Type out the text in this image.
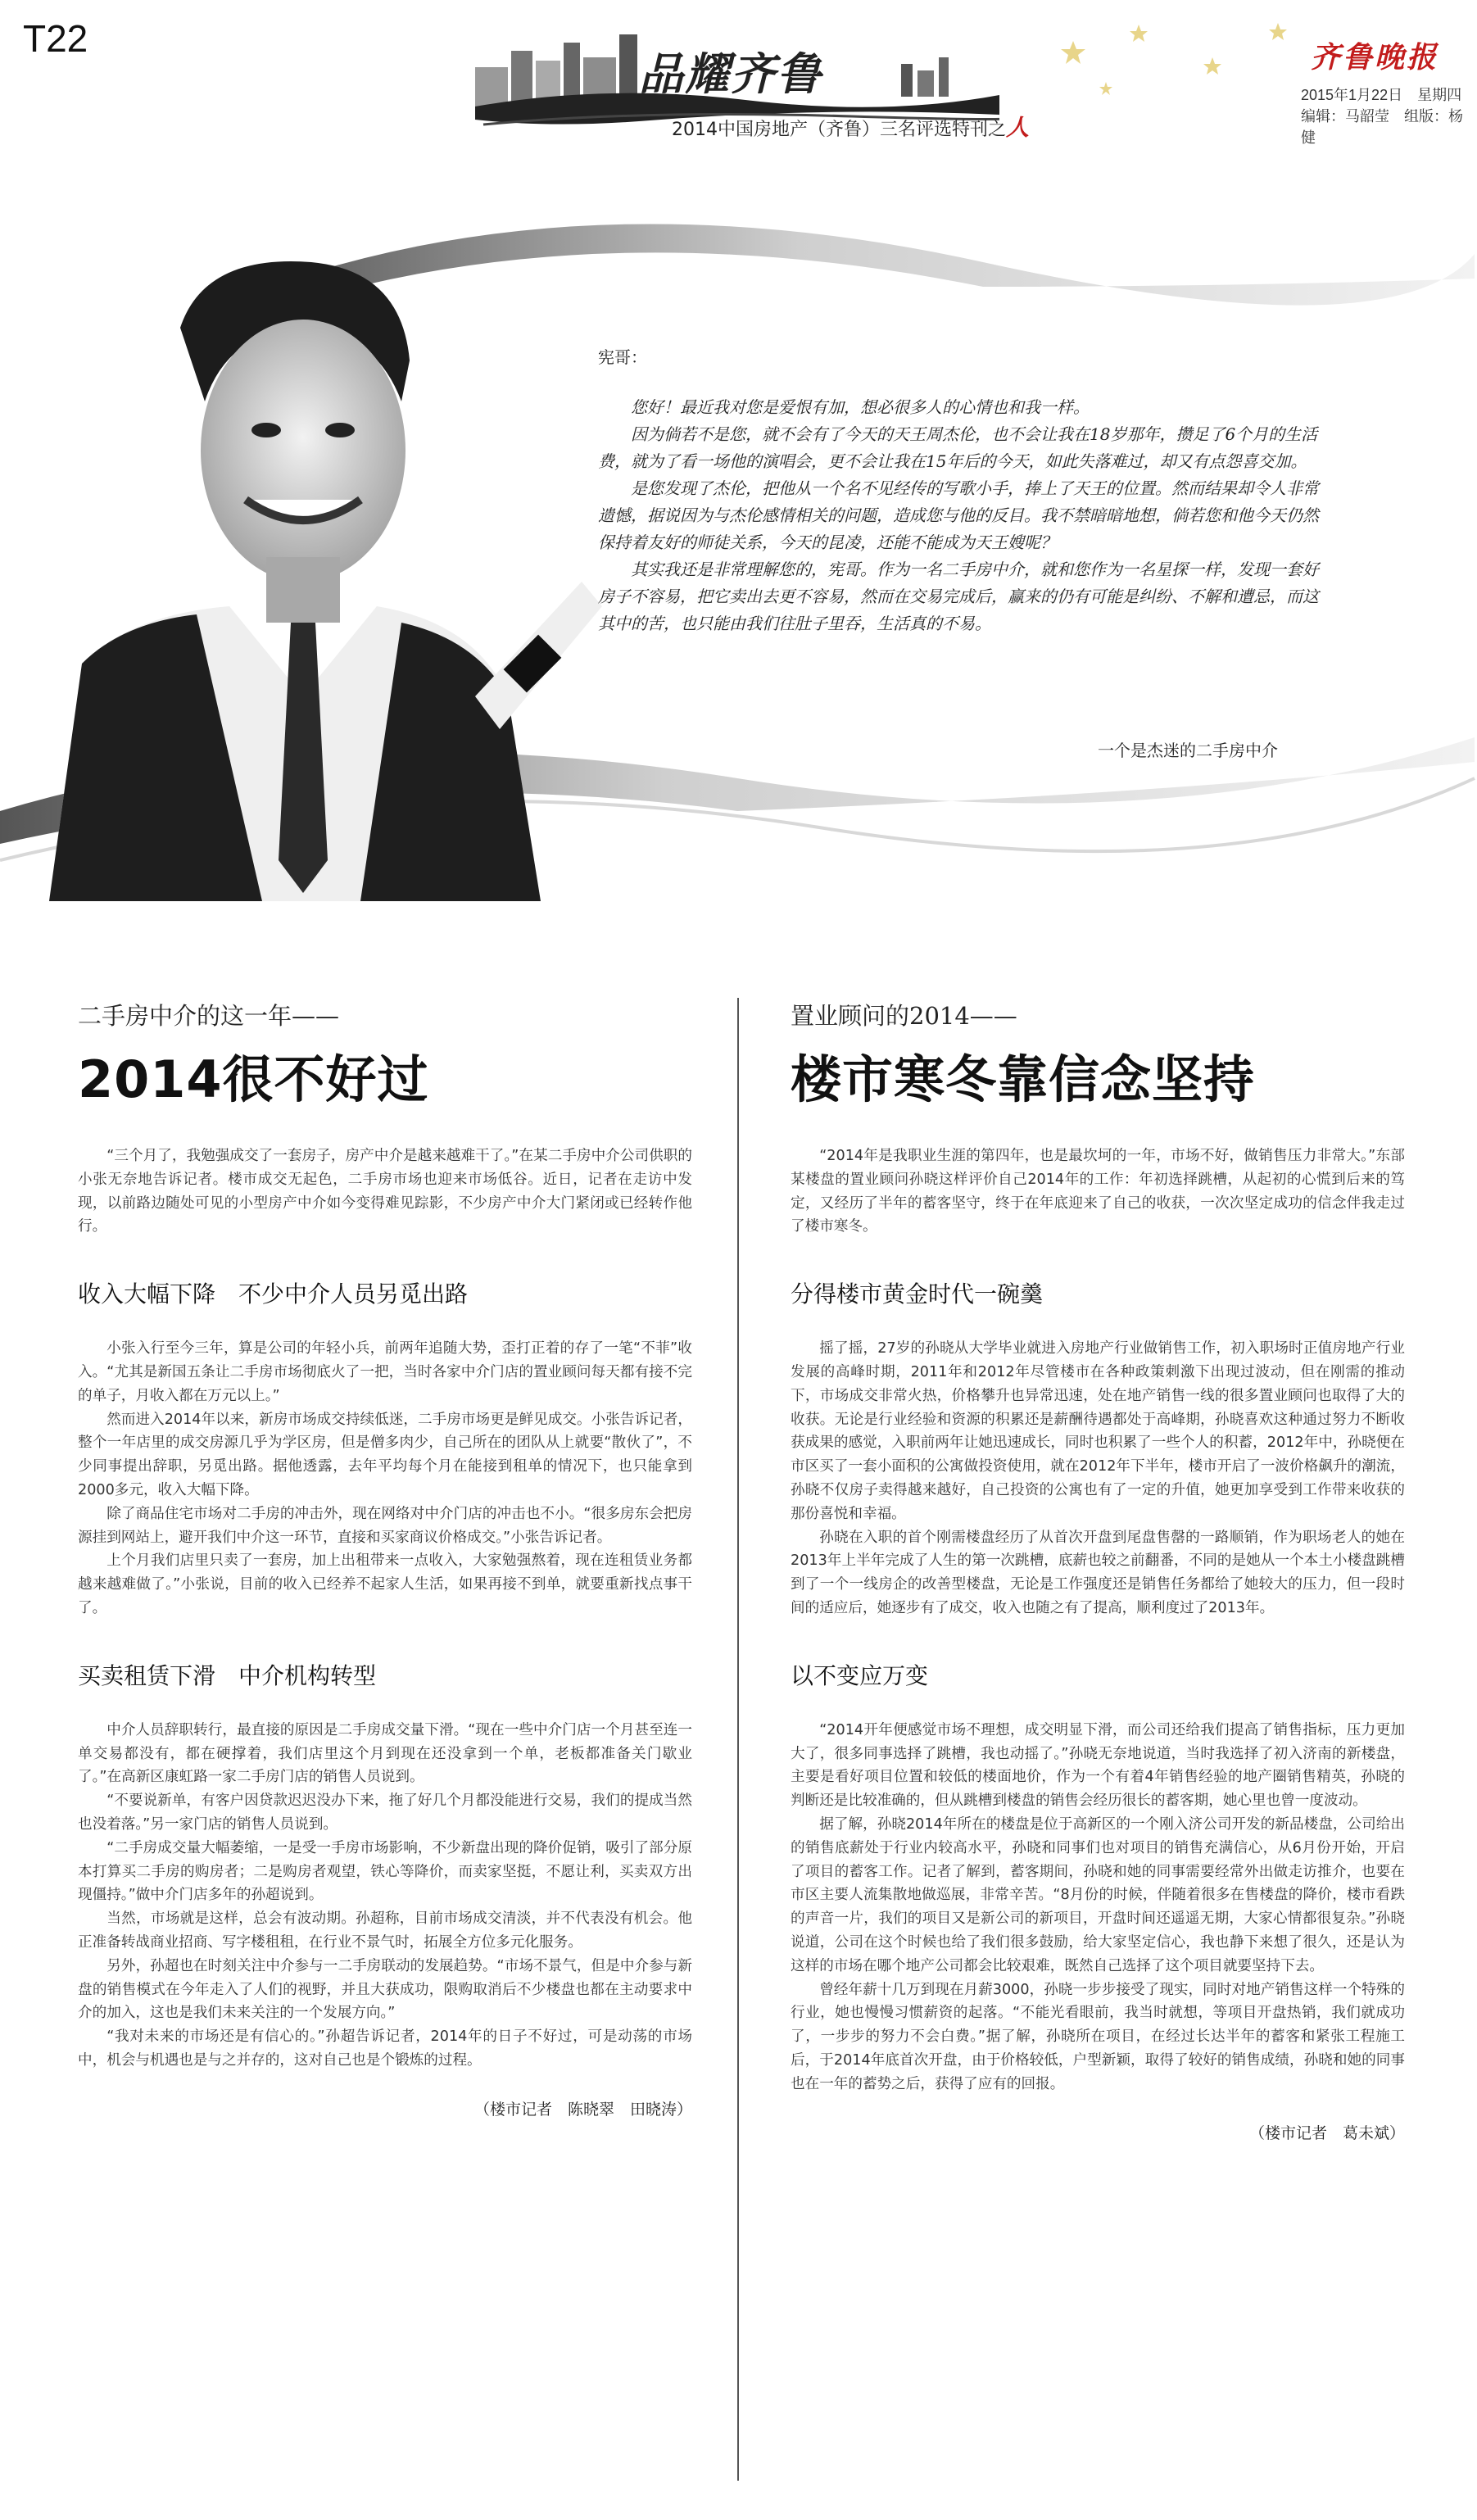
T22
品耀齐鲁
2014中国房地产（齐鲁）三名评选特刊之人
齐鲁晚报
2015年1月22日　星期四
编辑：马韶莹　组版：杨健
宪哥：

您好！最近我对您是爱恨有加，想必很多人的心情也和我一样。

因为倘若不是您，就不会有了今天的天王周杰伦，也不会让我在18岁那年，攒足了6个月的生活费，就为了看一场他的演唱会，更不会让我在15年后的今天，如此失落难过，却又有点怨喜交加。

是您发现了杰伦，把他从一个名不见经传的写歌小手，捧上了天王的位置。然而结果却令人非常遗憾，据说因为与杰伦感情相关的问题，造成您与他的反目。我不禁暗暗地想，倘若您和他今天仍然保持着友好的师徒关系，今天的昆凌，还能不能成为天王嫂呢？

其实我还是非常理解您的，宪哥。作为一名二手房中介，就和您作为一名星探一样，发现一套好房子不容易，把它卖出去更不容易，然而在交易完成后，赢来的仍有可能是纠纷、不解和遭忌，而这其中的苦，也只能由我们往肚子里吞，生活真的不易。

一个是杰迷的二手房中介
二手房中介的这一年——
2014很不好过

“三个月了，我勉强成交了一套房子，房产中介是越来越难干了。”在某二手房中介公司供职的小张无奈地告诉记者。楼市成交无起色，二手房市场也迎来市场低谷。近日，记者在走访中发现，以前路边随处可见的小型房产中介如今变得难见踪影，不少房产中介大门紧闭或已经转作他行。

收入大幅下降　不少中介人员另觅出路

小张入行至今三年，算是公司的年轻小兵，前两年追随大势，歪打正着的存了一笔“不菲”收入。“尤其是新国五条让二手房市场彻底火了一把，当时各家中介门店的置业顾问每天都有接不完的单子，月收入都在万元以上。”

然而进入2014年以来，新房市场成交持续低迷，二手房市场更是鲜见成交。小张告诉记者，整个一年店里的成交房源几乎为学区房，但是僧多肉少，自己所在的团队从上就要“散伙了”，不少同事提出辞职，另觅出路。据他透露，去年平均每个月在能接到租单的情况下，也只能拿到2000多元，收入大幅下降。

除了商品住宅市场对二手房的冲击外，现在网络对中介门店的冲击也不小。“很多房东会把房源挂到网站上，避开我们中介这一环节，直接和买家商议价格成交。”小张告诉记者。

上个月我们店里只卖了一套房，加上出租带来一点收入，大家勉强熬着，现在连租赁业务都越来越难做了。”小张说，目前的收入已经养不起家人生活，如果再接不到单，就要重新找点事干了。

买卖租赁下滑　中介机构转型

中介人员辞职转行，最直接的原因是二手房成交量下滑。“现在一些中介门店一个月甚至连一单交易都没有，都在硬撑着，我们店里这个月到现在还没拿到一个单，老板都准备关门歇业了。”在高新区康虹路一家二手房门店的销售人员说到。

“不要说新单，有客户因贷款迟迟没办下来，拖了好几个月都没能进行交易，我们的提成当然也没着落。”另一家门店的销售人员说到。

“二手房成交量大幅萎缩，一是受一手房市场影响，不少新盘出现的降价促销，吸引了部分原本打算买二手房的购房者；二是购房者观望，铁心等降价，而卖家坚挺，不愿让利，买卖双方出现僵持。”做中介门店多年的孙超说到。

当然，市场就是这样，总会有波动期。孙超称，目前市场成交清淡，并不代表没有机会。他正准备转战商业招商、写字楼租租，在行业不景气时，拓展全方位多元化服务。

另外，孙超也在时刻关注中介参与一二手房联动的发展趋势。“市场不景气，但是中介参与新盘的销售模式在今年走入了人们的视野，并且大获成功，限购取消后不少楼盘也都在主动要求中介的加入，这也是我们未来关注的一个发展方向。”

“我对未来的市场还是有信心的。”孙超告诉记者，2014年的日子不好过，可是动荡的市场中，机会与机遇也是与之并存的，这对自己也是个锻炼的过程。

（楼市记者　陈晓翠　田晓涛）
置业顾问的2014——
楼市寒冬靠信念坚持

“2014年是我职业生涯的第四年，也是最坎坷的一年，市场不好，做销售压力非常大。”东部某楼盘的置业顾问孙晓这样评价自己2014年的工作：年初选择跳槽，从起初的心慌到后来的笃定，又经历了半年的蓄客坚守，终于在年底迎来了自己的收获，一次次坚定成功的信念伴我走过了楼市寒冬。

分得楼市黄金时代一碗羹

摇了摇，27岁的孙晓从大学毕业就进入房地产行业做销售工作，初入职场时正值房地产行业发展的高峰时期，2011年和2012年尽管楼市在各种政策刺激下出现过波动，但在刚需的推动下，市场成交非常火热，价格攀升也异常迅速，处在地产销售一线的很多置业顾问也取得了大的收获。无论是行业经验和资源的积累还是薪酬待遇都处于高峰期，孙晓喜欢这种通过努力不断收获成果的感觉，入职前两年让她迅速成长，同时也积累了一些个人的积蓄，2012年中，孙晓便在市区买了一套小面积的公寓做投资使用，就在2012年下半年，楼市开启了一波价格飙升的潮流，孙晓不仅房子卖得越来越好，自己投资的公寓也有了一定的升值，她更加享受到工作带来收获的那份喜悦和幸福。

孙晓在入职的首个刚需楼盘经历了从首次开盘到尾盘售罄的一路顺销，作为职场老人的她在2013年上半年完成了人生的第一次跳槽，底薪也较之前翻番，不同的是她从一个本土小楼盘跳槽到了一个一线房企的改善型楼盘，无论是工作强度还是销售任务都给了她较大的压力，但一段时间的适应后，她逐步有了成交，收入也随之有了提高，顺利度过了2013年。

以不变应万变

“2014开年便感觉市场不理想，成交明显下滑，而公司还给我们提高了销售指标，压力更加大了，很多同事选择了跳槽，我也动摇了。”孙晓无奈地说道，当时我选择了初入济南的新楼盘，主要是看好项目位置和较低的楼面地价，作为一个有着4年销售经验的地产圈销售精英，孙晓的判断还是比较准确的，但从跳槽到楼盘的销售会经历很长的蓄客期，她心里也曾一度波动。

据了解，孙晓2014年所在的楼盘是位于高新区的一个刚入济公司开发的新品楼盘，公司给出的销售底薪处于行业内较高水平，孙晓和同事们也对项目的销售充满信心，从6月份开始，开启了项目的蓄客工作。记者了解到，蓄客期间，孙晓和她的同事需要经常外出做走访推介，也要在市区主要人流集散地做巡展，非常辛苦。“8月份的时候，伴随着很多在售楼盘的降价，楼市看跌的声音一片，我们的项目又是新公司的新项目，开盘时间还遥遥无期，大家心情都很复杂。”孙晓说道，公司在这个时候也给了我们很多鼓励，给大家坚定信心，我也静下来想了很久，还是认为这样的市场在哪个地产公司都会比较艰难，既然自己选择了这个项目就要坚持下去。

曾经年薪十几万到现在月薪3000，孙晓一步步接受了现实，同时对地产销售这样一个特殊的行业，她也慢慢习惯薪资的起落。“不能光看眼前，我当时就想，等项目开盘热销，我们就成功了，一步步的努力不会白费。”据了解，孙晓所在项目，在经过长达半年的蓄客和紧张工程施工后，于2014年底首次开盘，由于价格较低，户型新颖，取得了较好的销售成绩，孙晓和她的同事也在一年的蓄势之后，获得了应有的回报。

（楼市记者　葛未斌）
